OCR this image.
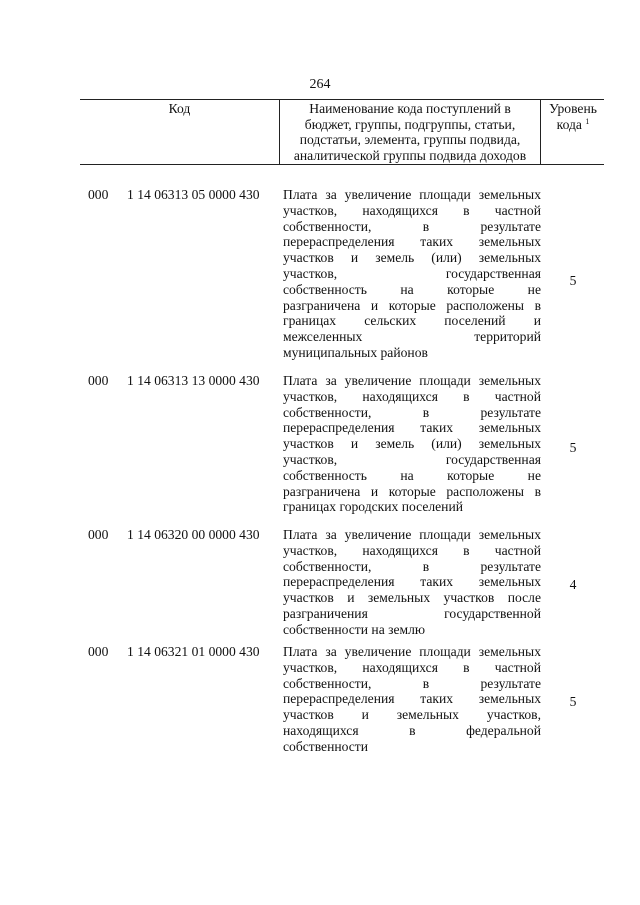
264
Код	Наименование кода поступлений в
бюджет, группы, подгруппы, статьи,
подстатьи, элемента, группы подвида,
аналитической группы подвида доходов
Уровень
кода $^1$
000 1 14 06313 05 0000 430 Плата за увеличение площади земельных
участков, находящихся в частной
собственности, в результате
перераспределения таких земельных
участков и земель (или) земельных
участков, государственная
собственность на которые не
разграничена и которые расположены в
границах сельских поселений и
межселенных территорий
муниципальных районов
5
000 1 14 06313 13 0000 430 Плата за увеличение площади земельных
участков, находящихся в частной
собственности, в результате
перераспределения таких земельных
участков и земель (или) земельных
участков, государственная
собственность на которые не
разграничена и которые расположены в
границах городских поселений
5
000 1 14 06320 00 0000 430 Плата за увеличение площади земельных
участков, находящихся в частной
собственности, в результате
перераспределения таких земельных
участков и земельных участков после
разграничения государственной
собственности на землю
4
000 1 14 06321 01 0000 430 Плата за увеличение площади земельных
участков, находящихся в частной
собственности, в результате
перераспределения таких земельных
участков и земельных участков,
находящихся в федеральной
собственности
5
